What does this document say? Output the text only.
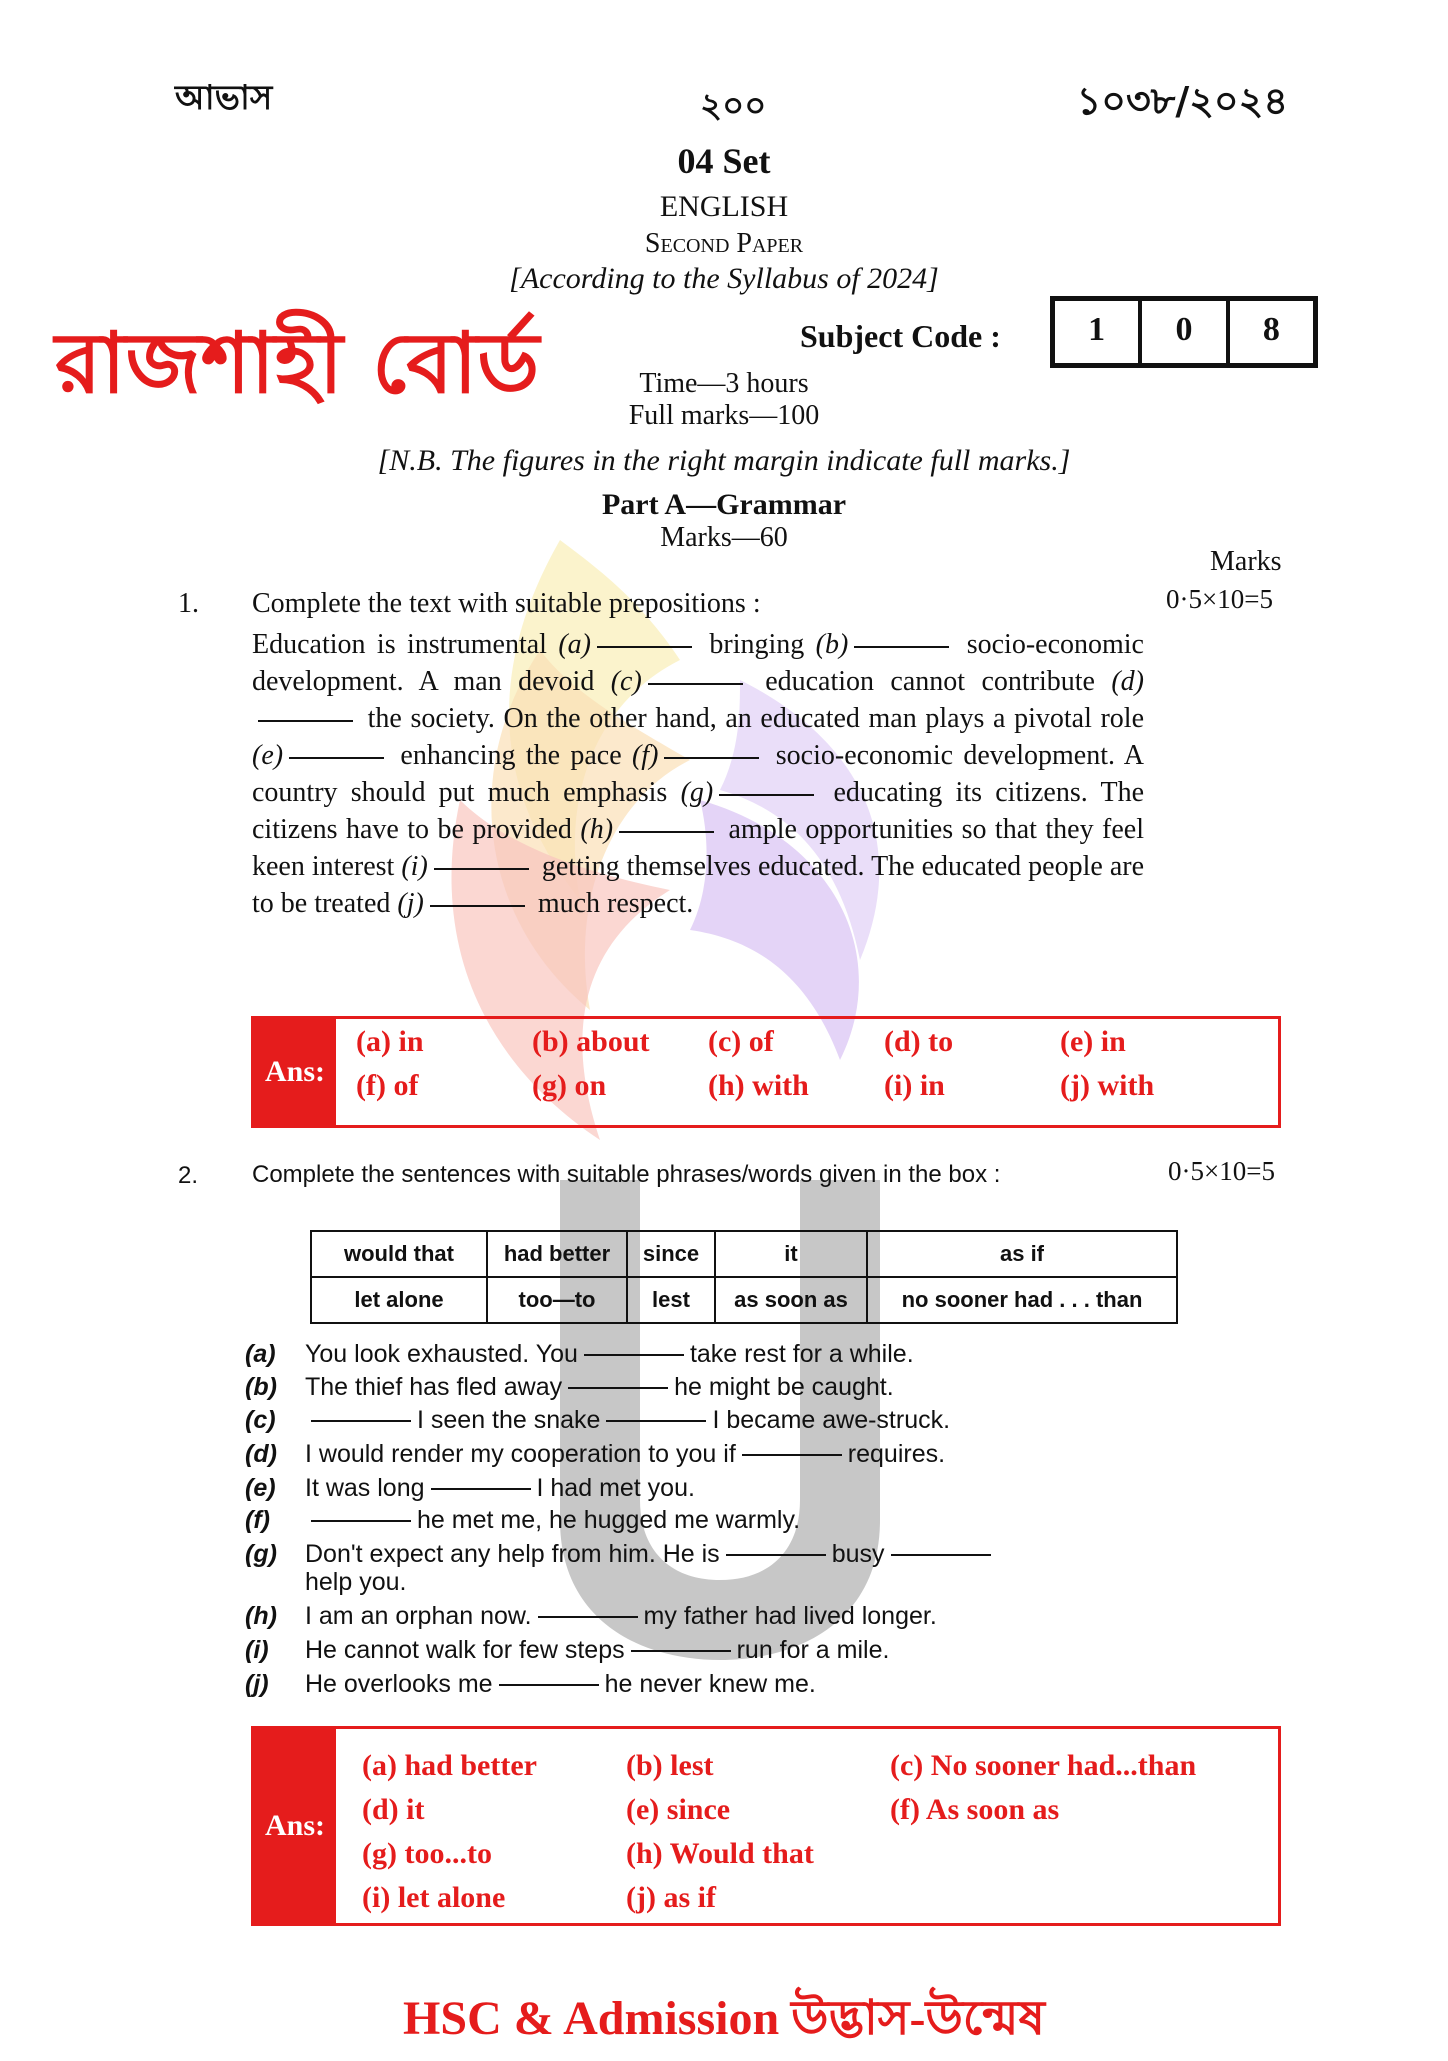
আভাস	২০০	১০৩৮/২০২৪
04 Set
ENGLISH
Second Paper
[According to the Syllabus of 2024]
রাজশাহী বোর্ড	Subject Code :	1	0	8
Time—3 hours
Full marks—100
[N.B. The figures in the right margin indicate full marks.]
Part A—Grammar
Marks—60
Marks
1. Complete the text with suitable prepositions :	0·5×10=5
Education is instrumental (a)	bringing (b)	socio-economic development. A man devoid (c)	education cannot contribute (d) the society. On the other hand, an educated man plays a pivotal role (e)	enhancing the pace (f)	socio-economic development. A country should put much emphasis (g)	educating its citizens. The citizens have to be provided (h)	ample opportunities so that they feel keen interest (i)	getting themselves educated. The educated people are to be treated (j)	much respect.
Ans:
(a) in	(b) about (c) of	(d) to	(e) in
(f) of	(g) on	(h) with	(i) in	(j) with
2. Complete the sentences with suitable phrases/words given in the box :	0·5×10=5
would that	had better	since	it	as if
let alone	too—to	lest	as soon as	no sooner had . . . than
(a) You look exhausted. You	take rest for a while.
(b) The thief has fled away	he might be caught.
(c)	I seen the snake	I became awe-struck.
(d) I would render my cooperation to you if	requires.
(e) It was long	I had met you.
(f)	he met me, he hugged me warmly.
(g) Don't expect any help from him. He is	busy
help you.
(h) I am an orphan now.	my father had lived longer.
(i) He cannot walk for few steps	run for a mile.
(j) He overlooks me	he never knew me.
Ans:
(a) had better	(b) lest	(c) No sooner had...than
(d) it	(e) since	(f) As soon as
(g) too...to	(h) Would that
(i) let alone	(j) as if
HSC & Admission উদ্ভাস-উন্মেষ
